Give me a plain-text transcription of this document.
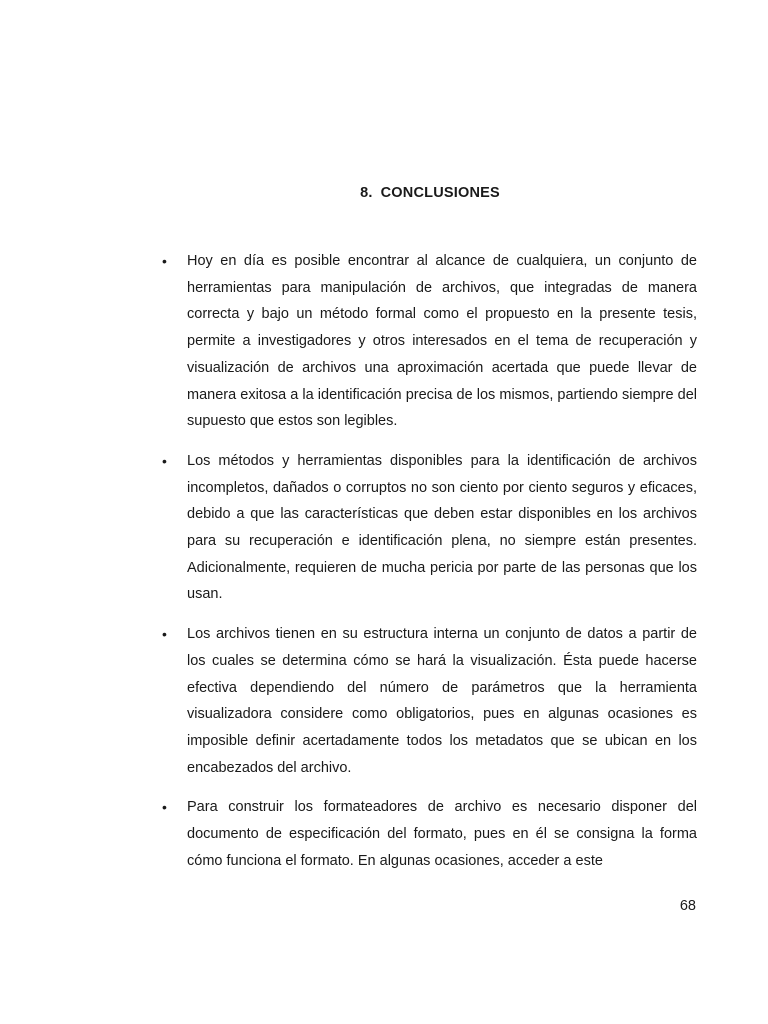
8. CONCLUSIONES
• Hoy en día es posible encontrar al alcance de cualquiera, un conjunto de herramientas para manipulación de archivos, que integradas de manera correcta y bajo un método formal como el propuesto en la presente tesis, permite a investigadores y otros interesados en el tema de recuperación y visualización de archivos una aproximación acertada que puede llevar de manera exitosa a la identificación precisa de los mismos, partiendo siempre del supuesto que estos son legibles.
• Los métodos y herramientas disponibles para la identificación de archivos incompletos, dañados o corruptos no son ciento por ciento seguros y eficaces, debido a que las características que deben estar disponibles en los archivos para su recuperación e identificación plena, no siempre están presentes. Adicionalmente, requieren de mucha pericia por parte de las personas que los usan.
• Los archivos tienen en su estructura interna un conjunto de datos a partir de los cuales se determina cómo se hará la visualización. Ésta puede hacerse efectiva dependiendo del número de parámetros que la herramienta visualizadora considere como obligatorios, pues en algunas ocasiones es imposible definir acertadamente todos los metadatos que se ubican en los encabezados del archivo.
• Para construir los formateadores de archivo es necesario disponer del documento de especificación del formato, pues en él se consigna la forma cómo funciona el formato. En algunas ocasiones, acceder a este
68
